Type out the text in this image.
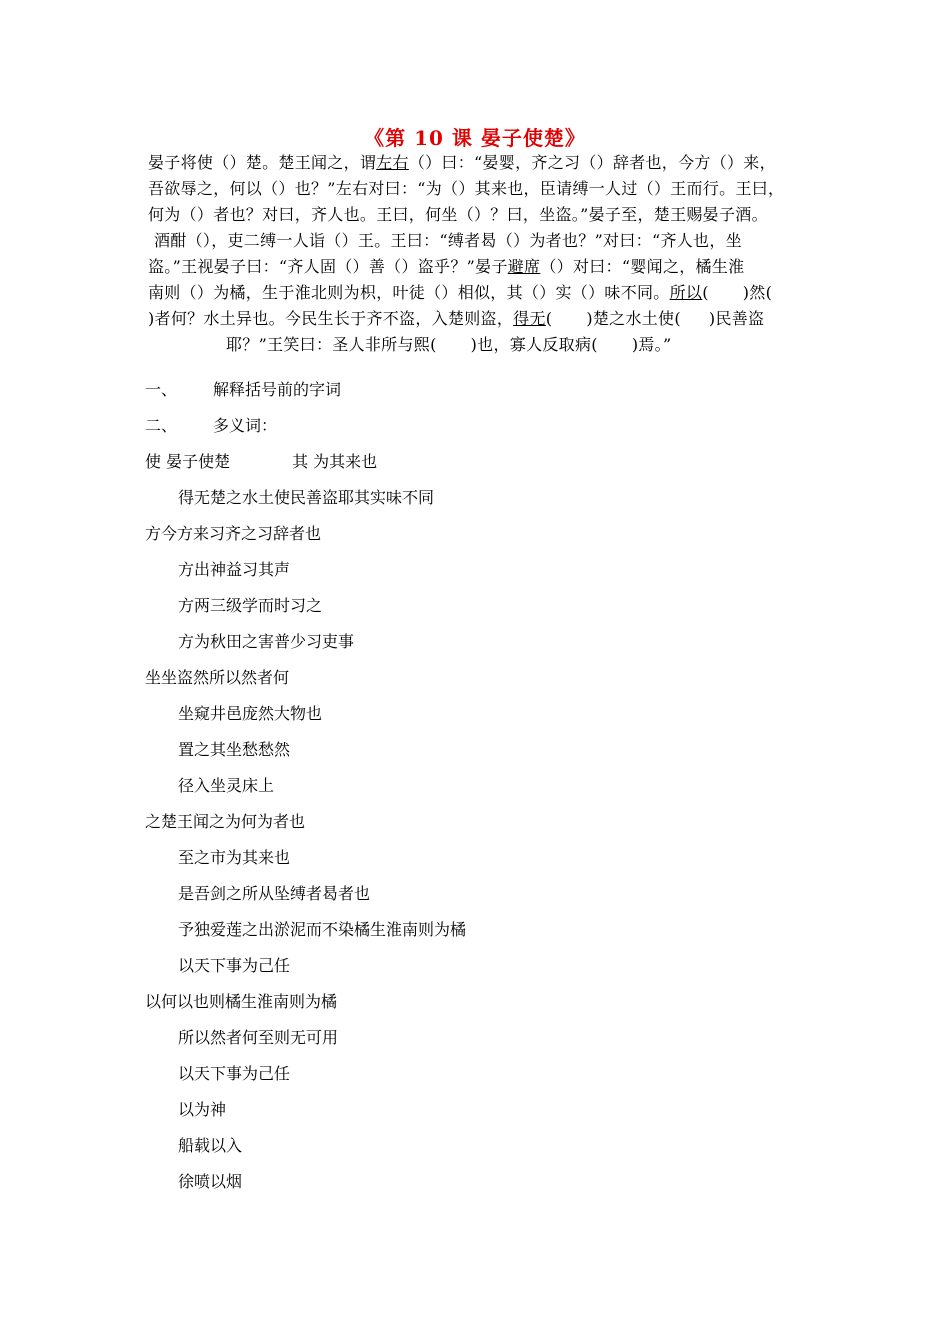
《第 10 课 晏子使楚》
晏子将使（）楚。楚王闻之，谓左右（）曰：“晏婴，齐之习（）辞者也，今方（）来，
吾欲辱之，何以（）也？”左右对曰：“为（）其来也，臣请缚一人过（）王而行。王曰，
何为（）者也？对曰，齐人也。王曰，何坐（）？曰，坐盗。”晏子至，楚王赐晏子酒。
酒酣（），吏二缚一人诣（）王。王曰：“缚者曷（）为者也？”对曰：“齐人也，坐
盗。”王视晏子曰：“齐人固（）善（）盗乎？”晏子避席（）对曰：“婴闻之，橘生淮
南则（）为橘，生于淮北则为枳，叶徒（）相似，其（）实（）味不同。所以( )然(
)者何？水土异也。今民生长于齐不盗，入楚则盗，得无( )楚之水土使( )民善盗
耶？”王笑曰：圣人非所与熙( )也，寡人反取病( )焉。”
一、 解释括号前的字词
二、 多义词：
使 晏子使楚	其 为其来也
得无楚之水土使民善盗耶其实味不同
方今方来习齐之习辞者也
方出神益习其声
方两三级学而时习之
方为秋田之害普少习吏事
坐坐盗然所以然者何
坐窥井邑庞然大物也
置之其坐愁愁然
径入坐灵床上
之楚王闻之为何为者也
至之市为其来也
是吾剑之所从坠缚者曷者也
予独爱莲之出淤泥而不染橘生淮南则为橘
以天下事为己任
以何以也则橘生淮南则为橘
所以然者何至则无可用
以天下事为己任
以为神
船载以入
徐喷以烟
